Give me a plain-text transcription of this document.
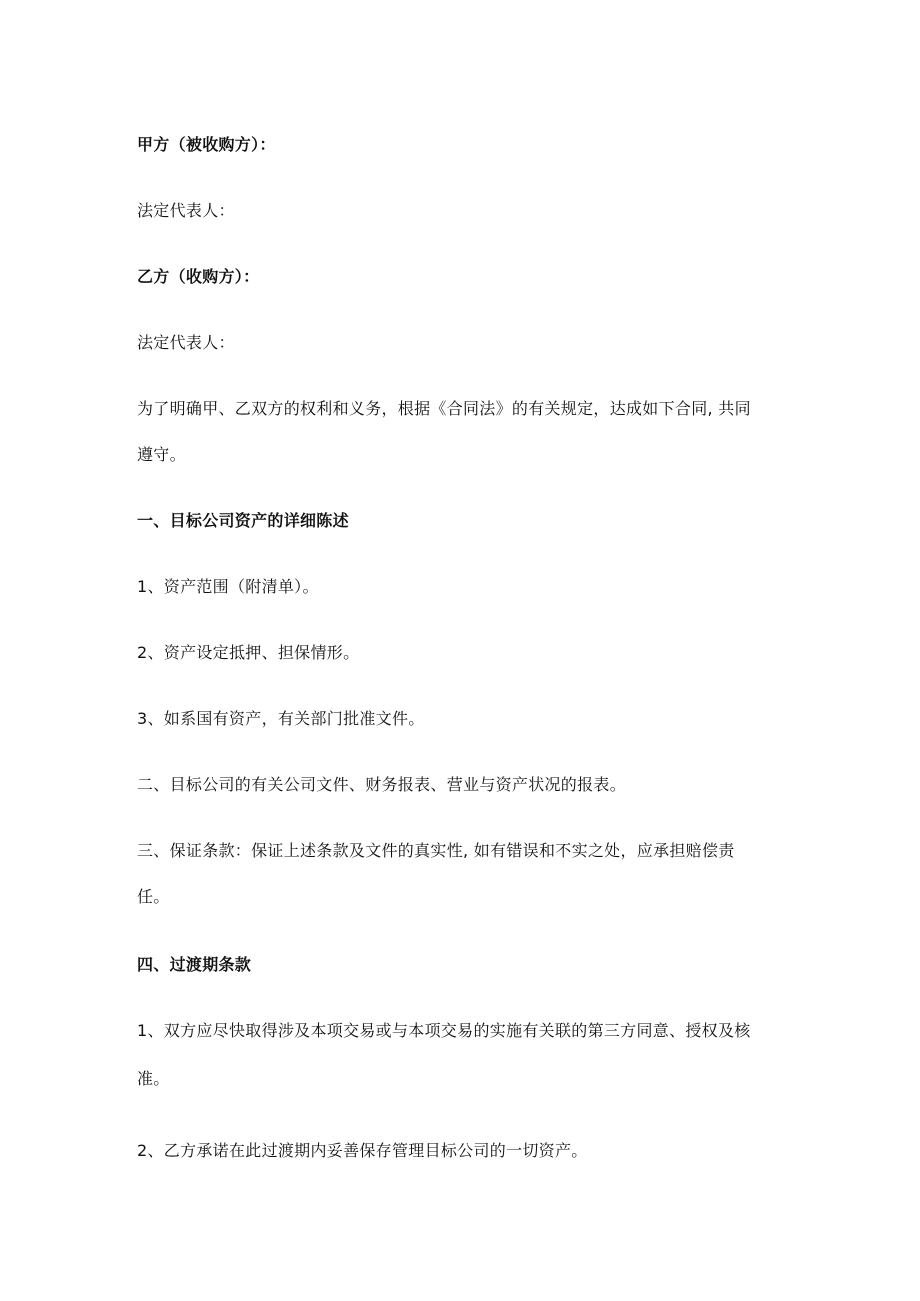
甲方（被收购方）：
法定代表人：
乙方（收购方）：
法定代表人：
为了明确甲、乙双方的权利和义务，根据《合同法》的有关规定，达成如下合同, 共同
遵守。
一、目标公司资产的详细陈述
1、资产范围（附清单）。
2、资产设定抵押、担保情形。
3、如系国有资产，有关部门批准文件。
二、目标公司的有关公司文件、财务报表、营业与资产状况的报表。
三、保证条款：保证上述条款及文件的真实性, 如有错误和不实之处，应承担赔偿责
任。
四、过渡期条款
1、双方应尽快取得涉及本项交易或与本项交易的实施有关联的第三方同意、授权及核
准。
2、乙方承诺在此过渡期内妥善保存管理目标公司的一切资产。
